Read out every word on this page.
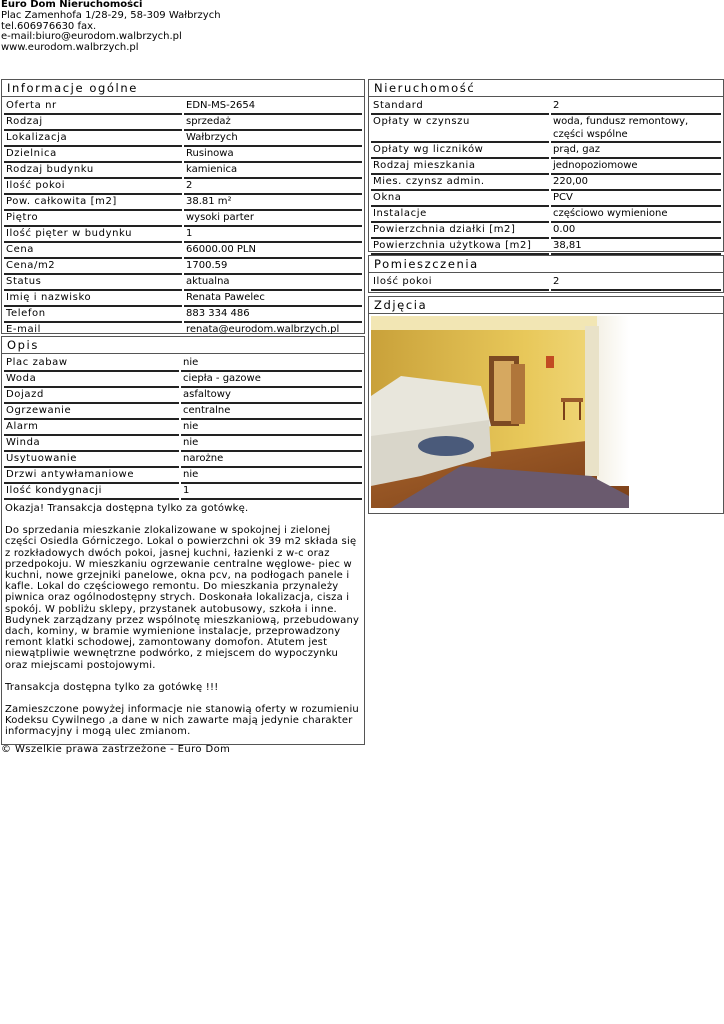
Euro Dom Nieruchomości
Plac Zamenhofa 1/28-29, 58-309 Wałbrzych
tel.606976630 fax.
e-mail:biuro@eurodom.walbrzych.pl
www.eurodom.walbrzych.pl
Informacje ogólne
Oferta nr	EDN-MS-2654
Rodzaj	sprzedaż
Lokalizacja	Wałbrzych
Dzielnica	Rusinowa
Rodzaj budynku	kamienica
Ilość pokoi	2
Pow. całkowita [m2]	38.81 m²
Piętro	wysoki parter
Ilość pięter w budynku	1
Cena	66000.00 PLN
Cena/m2	1700.59
Status	aktualna
Imię i nazwisko	Renata Pawelec
Telefon	883 334 486
E-mail	renata@eurodom.walbrzych.pl
Opis
Plac zabaw	nie
Woda	ciepła - gazowe
Dojazd	asfaltowy
Ogrzewanie	centralne
Alarm	nie
Winda	nie
Usytuowanie	narożne
Drzwi antywłamaniowe	nie
Ilość kondygnacji	1

Okazja! Transakcja dostępna tylko za gotówkę.

Do sprzedania mieszkanie zlokalizowane w spokojnej i zielonej części Osiedla Górniczego. Lokal o powierzchni ok 39 m2 składa się z rozkładowych dwóch pokoi, jasnej kuchni, łazienki z w-c oraz przedpokoju. W mieszkaniu ogrzewanie centralne węglowe- piec w kuchni, nowe grzejniki panelowe, okna pcv, na podłogach panele i kafle. Lokal do częściowego remontu. Do mieszkania przynależy piwnica oraz ogólnodostępny strych. Doskonała lokalizacja, cisza i spokój. W pobliżu sklepy, przystanek autobusowy, szkoła i inne. Budynek zarządzany przez wspólnotę mieszkaniową, przebudowany dach, kominy, w bramie wymienione instalacje, przeprowadzony remont klatki schodowej, zamontowany domofon. Atutem jest niewątpliwie wewnętrzne podwórko, z miejscem do wypoczynku oraz miejscami postojowymi.

Transakcja dostępna tylko za gotówkę !!!

Zamieszczone powyżej informacje nie stanowią oferty w rozumieniu Kodeksu Cywilnego ,a dane w nich zawarte mają jedynie charakter informacyjny i mogą ulec zmianom.

Nieruchomość
Standard	2
Opłaty w czynszu	woda, fundusz remontowy, części wspólne
Opłaty wg liczników	prąd, gaz
Rodzaj mieszkania	jednopoziomowe
Mies. czynsz admin.	220,00
Okna	PCV
Instalacje	częściowo wymienione
Powierzchnia działki [m2]	0.00
Powierzchnia użytkowa [m2]	38,81
Pomieszczenia
Ilość pokoi	2
Zdjęcia
© Wszelkie prawa zastrzeżone - Euro Dom
